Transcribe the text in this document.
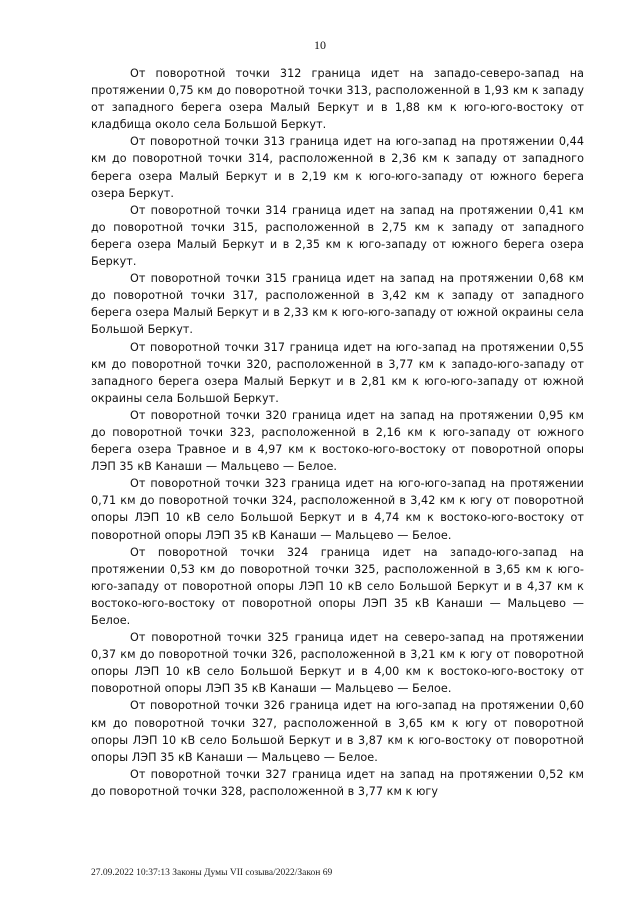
10

От поворотной точки 312 граница идет на западо-северо-запад на протяжении 0,75 км до поворотной точки 313, расположенной в 1,93 км к западу от западного берега озера Малый Беркут и в 1,88 км к юго-юго-востоку от кладбища около села Большой Беркут.

От поворотной точки 313 граница идет на юго-запад на протяжении 0,44 км до поворотной точки 314, расположенной в 2,36 км к западу от западного берега озера Малый Беркут и в 2,19 км к юго-юго-западу от южного берега озера Беркут.

От поворотной точки 314 граница идет на запад на протяжении 0,41 км до поворотной точки 315, расположенной в 2,75 км к западу от западного берега озера Малый Беркут и в 2,35 км к юго-западу от южного берега озера Беркут.

От поворотной точки 315 граница идет на запад на протяжении 0,68 км до поворотной точки 317, расположенной в 3,42 км к западу от западного берега озера Малый Беркут и в 2,33 км к юго-юго-западу от южной окраины села Большой Беркут.

От поворотной точки 317 граница идет на юго-запад на протяжении 0,55 км до поворотной точки 320, расположенной в 3,77 км к западо-юго-западу от западного берега озера Малый Беркут и в 2,81 км к юго-юго-западу от южной окраины села Большой Беркут.

От поворотной точки 320 граница идет на запад на протяжении 0,95 км до поворотной точки 323, расположенной в 2,16 км к юго-западу от южного берега озера Травное и в 4,97 км к востоко-юго-востоку от поворотной опоры ЛЭП 35 кВ Канаши — Мальцево — Белое.

От поворотной точки 323 граница идет на юго-юго-запад на протяжении 0,71 км до поворотной точки 324, расположенной в 3,42 км к югу от поворотной опоры ЛЭП 10 кВ село Большой Беркут и в 4,74 км к востоко-юго-востоку от поворотной опоры ЛЭП 35 кВ Канаши — Мальцево — Белое.

От поворотной точки 324 граница идет на западо-юго-запад на протяжении 0,53 км до поворотной точки 325, расположенной в 3,65 км к юго-юго-западу от поворотной опоры ЛЭП 10 кВ село Большой Беркут и в 4,37 км к востоко-юго-востоку от поворотной опоры ЛЭП 35 кВ Канаши — Мальцево — Белое.

От поворотной точки 325 граница идет на северо-запад на протяжении 0,37 км до поворотной точки 326, расположенной в 3,21 км к югу от поворотной опоры ЛЭП 10 кВ село Большой Беркут и в 4,00 км к востоко-юго-востоку от поворотной опоры ЛЭП 35 кВ Канаши — Мальцево — Белое.

От поворотной точки 326 граница идет на юго-запад на протяжении 0,60 км до поворотной точки 327, расположенной в 3,65 км к югу от поворотной опоры ЛЭП 10 кВ село Большой Беркут и в 3,87 км к юго-востоку от поворотной опоры ЛЭП 35 кВ Канаши — Мальцево — Белое.

От поворотной точки 327 граница идет на запад на протяжении 0,52 км до поворотной точки 328, расположенной в 3,77 км к югу

27.09.2022 10:37:13 Законы Думы VII созыва/2022/Закон 69
